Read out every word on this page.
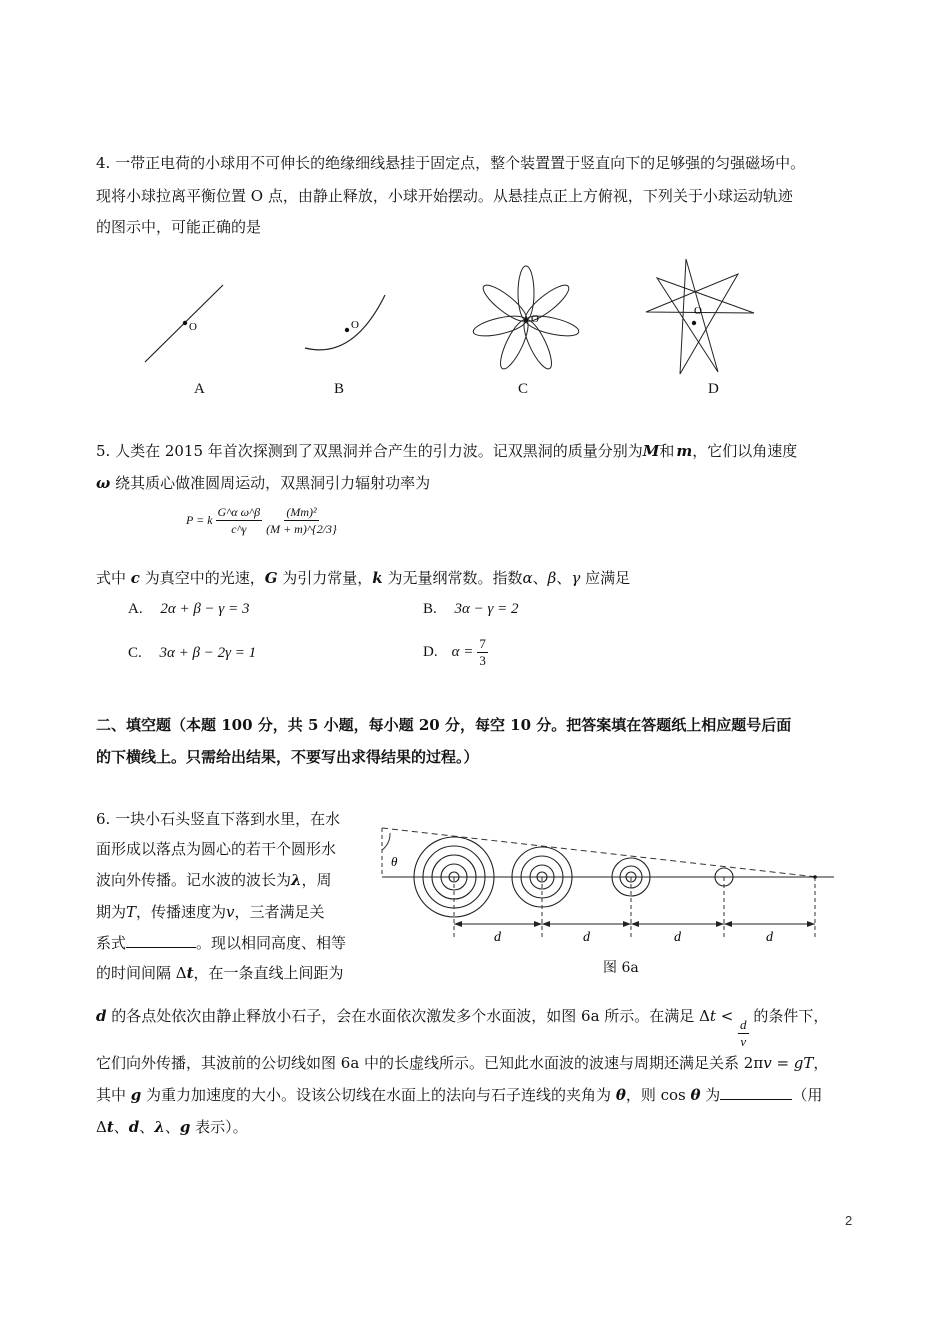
4. 一带正电荷的小球用不可伸长的绝缘细线悬挂于固定点，整个装置置于竖直向下的足够强的匀强磁场中。
现将小球拉离平衡位置 O 点，由静止释放，小球开始摆动。从悬挂点正上方俯视，下列关于小球运动轨迹
的图示中，可能正确的是
O
A
O
B
O
C
O
D
5. 人类在 2015 年首次探测到了双黑洞并合产生的引力波。记双黑洞的质量分别为M和 m，它们以角速度
ω 绕其质心做准圆周运动，双黑洞引力辐射功率为
P = k $\frac{\text{G\textasciicircum{}α ω\textasciicircum{}β}}{c\^{}\gamma} \frac{\text{(Mm)²}}{(M + m)\^{}\{2/3\}}$
式中 c 为真空中的光速，G 为引力常量，k 为无量纲常数。指数α、β、γ 应满足
A. 2α + β − γ = 3	B. 3α − γ = 2
C. 3α + β − 2γ = 1	D. $\alpha = \frac{7}{3}$
二、填空题（本题 100 分，共 5 小题，每小题 20 分，每空 10 分。把答案填在答题纸上相应题号后面
的下横线上。只需给出结果，不要写出求得结果的过程。）
6. 一块小石头竖直下落到水里，在水
面形成以落点为圆心的若干个圆形水
波向外传播。记水波的波长为λ，周
期为T，传播速度为v，三者满足关
系式	。现以相同高度、相等
的时间间隔 Δt，在一条直线上间距为
θ
d	d	d	d
图 6a
d 的各点处依次由静止释放小石子，会在水面依次激发多个水面波，如图 6a 所示。在满足 Δt <
$\frac{d}{v}$
的条件下，
它们向外传播，其波前的公切线如图 6a 中的长虚线所示。已知此水面波的波速与周期还满足关系 2πv = gT，
其中 g 为重力加速度的大小。设该公切线在水面上的法向与石子连线的夹角为 θ，则 cos θ 为	（用
Δt、d、λ、g 表示）。
2
